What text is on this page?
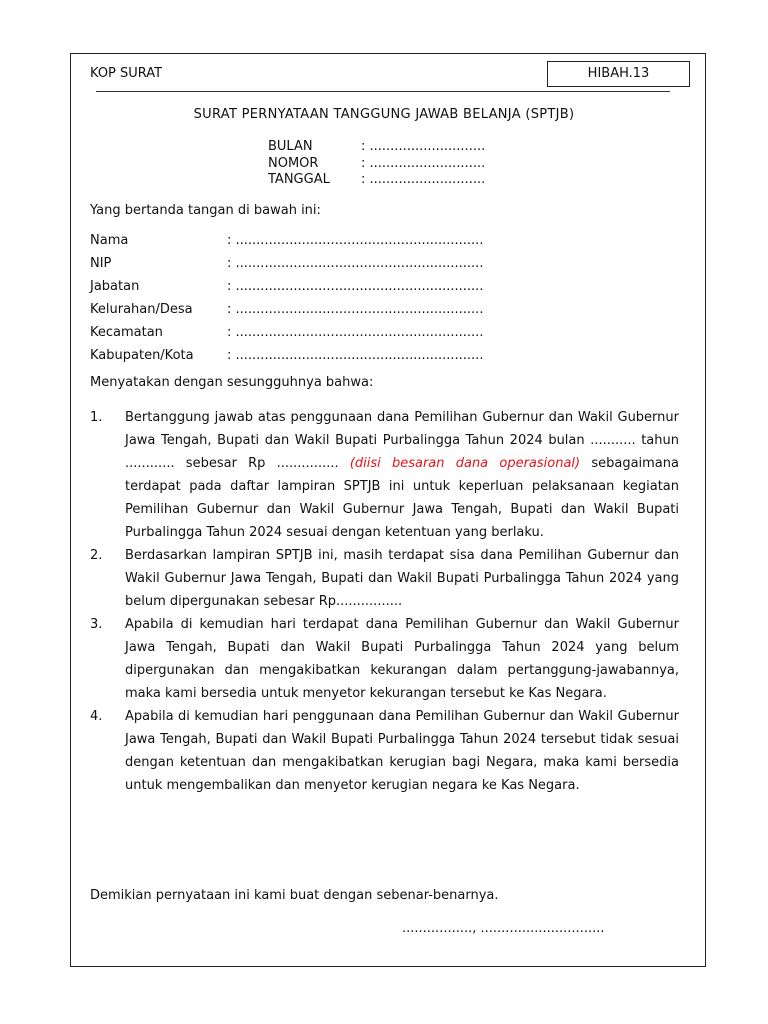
KOP SURAT	HIBAH.13
SURAT PERNYATAAN TANGGUNG JAWAB BELANJA (SPTJB)
BULAN	: ............................
NOMOR	: ............................
TANGGAL	: ............................
Yang bertanda tangan di bawah ini:
Nama	: ............................................................
NIP	: ............................................................
Jabatan	: ............................................................
Kelurahan/Desa	: ............................................................
Kecamatan	: ............................................................
Kabupaten/Kota	: ............................................................
Menyatakan dengan sesungguhnya bahwa:
1.	Bertanggung jawab atas penggunaan dana Pemilihan Gubernur dan Wakil Gubernur Jawa Tengah, Bupati dan Wakil Bupati Purbalingga Tahun 2024 bulan ........... tahun ............ sebesar Rp ............... (diisi besaran dana operasional) sebagaimana terdapat pada daftar lampiran SPTJB ini untuk keperluan pelaksanaan kegiatan Pemilihan Gubernur dan Wakil Gubernur Jawa Tengah, Bupati dan Wakil Bupati Purbalingga Tahun 2024 sesuai dengan ketentuan yang berlaku.
2.	Berdasarkan lampiran SPTJB ini, masih terdapat sisa dana Pemilihan Gubernur dan Wakil Gubernur Jawa Tengah, Bupati dan Wakil Bupati Purbalingga Tahun 2024 yang belum dipergunakan sebesar Rp................
3.	Apabila di kemudian hari terdapat dana Pemilihan Gubernur dan Wakil Gubernur Jawa Tengah, Bupati dan Wakil Bupati Purbalingga Tahun 2024 yang belum dipergunakan dan mengakibatkan kekurangan dalam pertanggung-jawabannya, maka kami bersedia untuk menyetor kekurangan tersebut ke Kas Negara.
4.	Apabila di kemudian hari penggunaan dana Pemilihan Gubernur dan Wakil Gubernur Jawa Tengah, Bupati dan Wakil Bupati Purbalingga Tahun 2024 tersebut tidak sesuai dengan ketentuan dan mengakibatkan kerugian bagi Negara, maka kami bersedia untuk mengembalikan dan menyetor kerugian negara ke Kas Negara.
Demikian pernyataan ini kami buat dengan sebenar-benarnya.
................., ..............................
